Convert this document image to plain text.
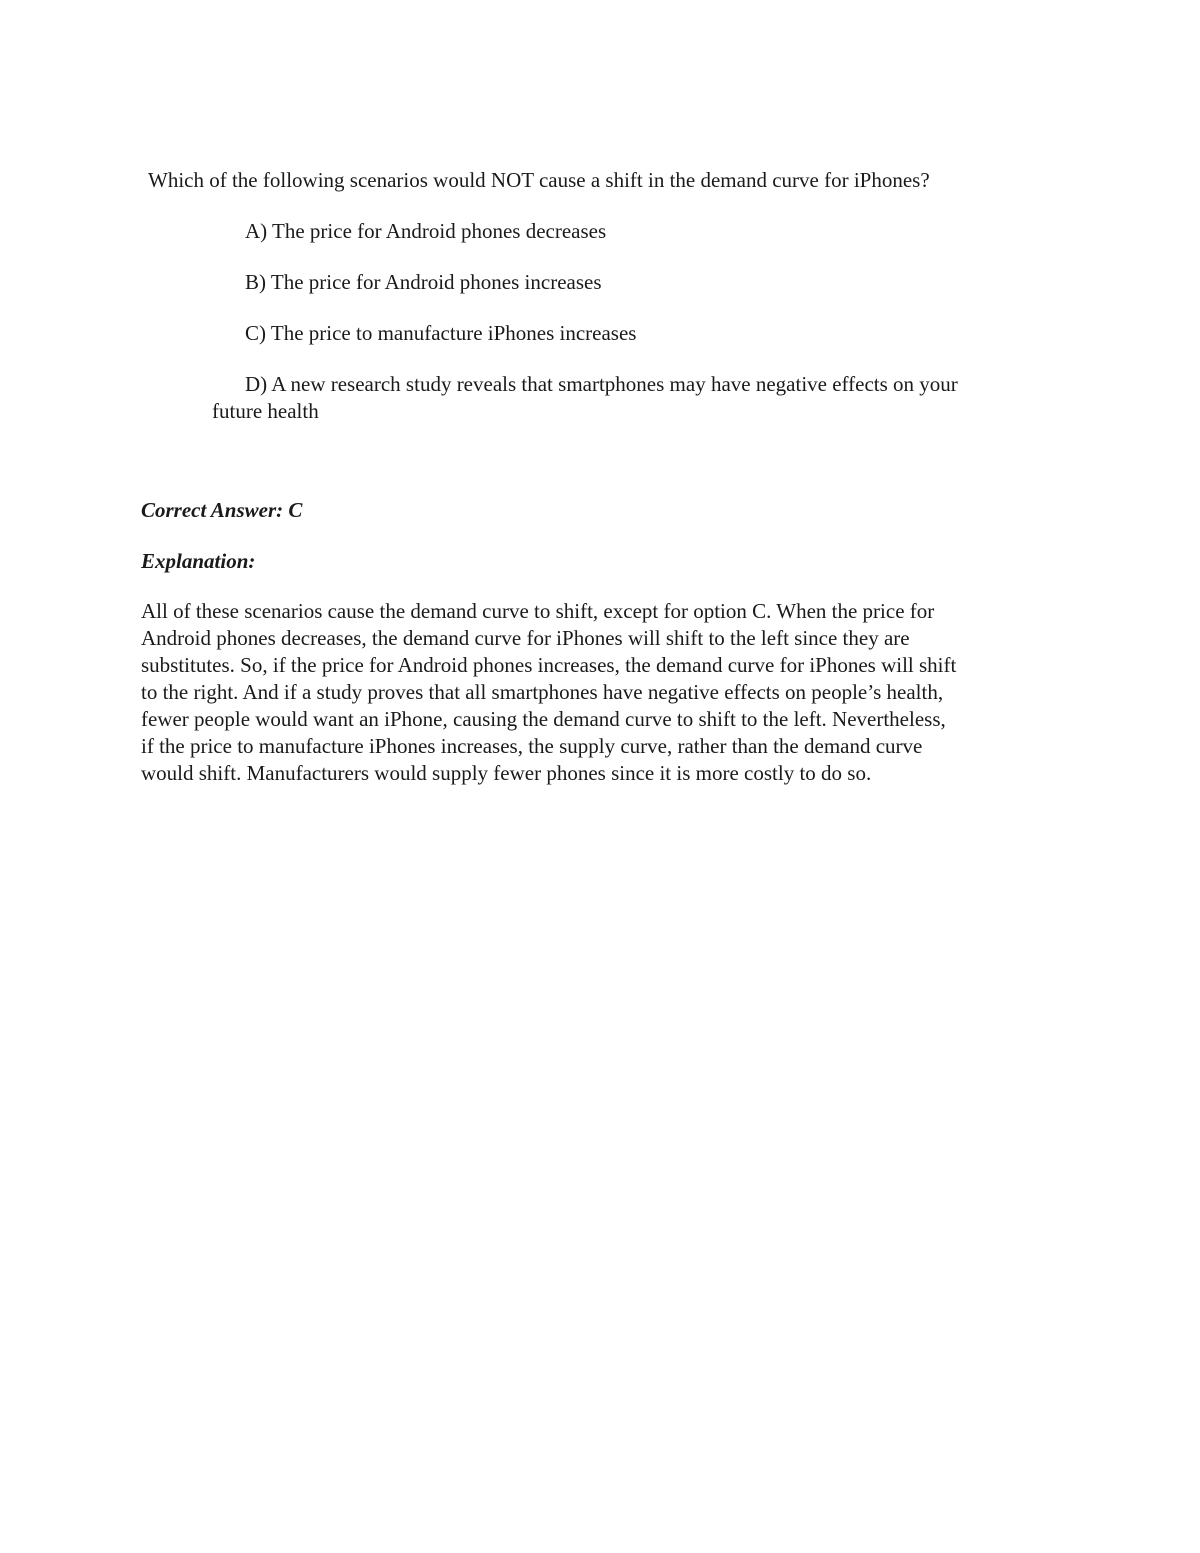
Which of the following scenarios would NOT cause a shift in the demand curve for iPhones?
A) The price for Android phones decreases
B) The price for Android phones increases
C) The price to manufacture iPhones increases
D) A new research study reveals that smartphones may have negative effects on your
future health
Correct Answer: C
Explanation:
All of these scenarios cause the demand curve to shift, except for option C. When the price for
Android phones decreases, the demand curve for iPhones will shift to the left since they are
substitutes. So, if the price for Android phones increases, the demand curve for iPhones will shift
to the right. And if a study proves that all smartphones have negative effects on people’s health,
fewer people would want an iPhone, causing the demand curve to shift to the left. Nevertheless,
if the price to manufacture iPhones increases, the supply curve, rather than the demand curve
would shift. Manufacturers would supply fewer phones since it is more costly to do so.
